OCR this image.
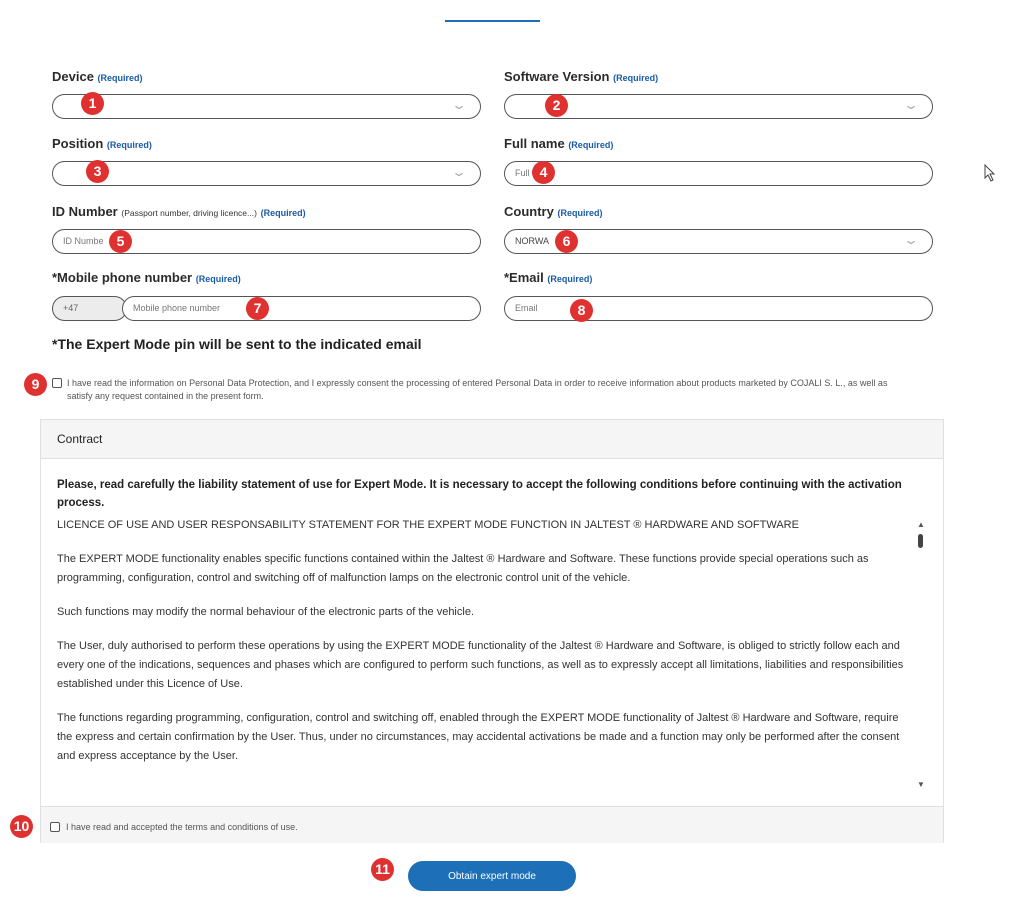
Device (Required)
⌄
1
Software Version (Required)
⌄
2
Position (Required)
⌄
3
Full name (Required)
Full 4
ID Number (Passport number, driving licence...) (Required)
ID Numbe 5
Country (Required)
NORWA	⌄
6
*Mobile phone number (Required)
+47	Mobile phone number	7
*Email (Required)
Email	8
*The Expert Mode pin will be sent to the indicated email
9	I have read the information on Personal Data Protection, and I expressly consent the processing of entered Personal Data in order to receive information about products marketed by COJALI S. L., as well as satisfy any request contained in the present form.
Contract
Please, read carefully the liability statement of use for Expert Mode. It is necessary to accept the following conditions before continuing with the activation process.

LICENCE OF USE AND USER RESPONSABILITY STATEMENT FOR THE EXPERT MODE FUNCTION IN JALTEST ® HARDWARE AND SOFTWARE

The EXPERT MODE functionality enables specific functions contained within the Jaltest ® Hardware and Software. These functions provide special operations such as programming, configuration, control and switching off of malfunction lamps on the electronic control unit of the vehicle.

Such functions may modify the normal behaviour of the electronic parts of the vehicle.

The User, duly authorised to perform these operations by using the EXPERT MODE functionality of the Jaltest ® Hardware and Software, is obliged to strictly follow each and every one of the indications, sequences and phases which are configured to perform such functions, as well as to expressly accept all limitations, liabilities and responsibilities established under this Licence of Use.

The functions regarding programming, configuration, control and switching off, enabled through the EXPERT MODE functionality of Jaltest ® Hardware and Software, require the express and certain confirmation by the User. Thus, under no circumstances, may accidental activations be made and a function may only be performed after the consent and express acceptance by the User.

▲
▼
I have read and accepted the terms and conditions of use.
10
11	Obtain expert mode
